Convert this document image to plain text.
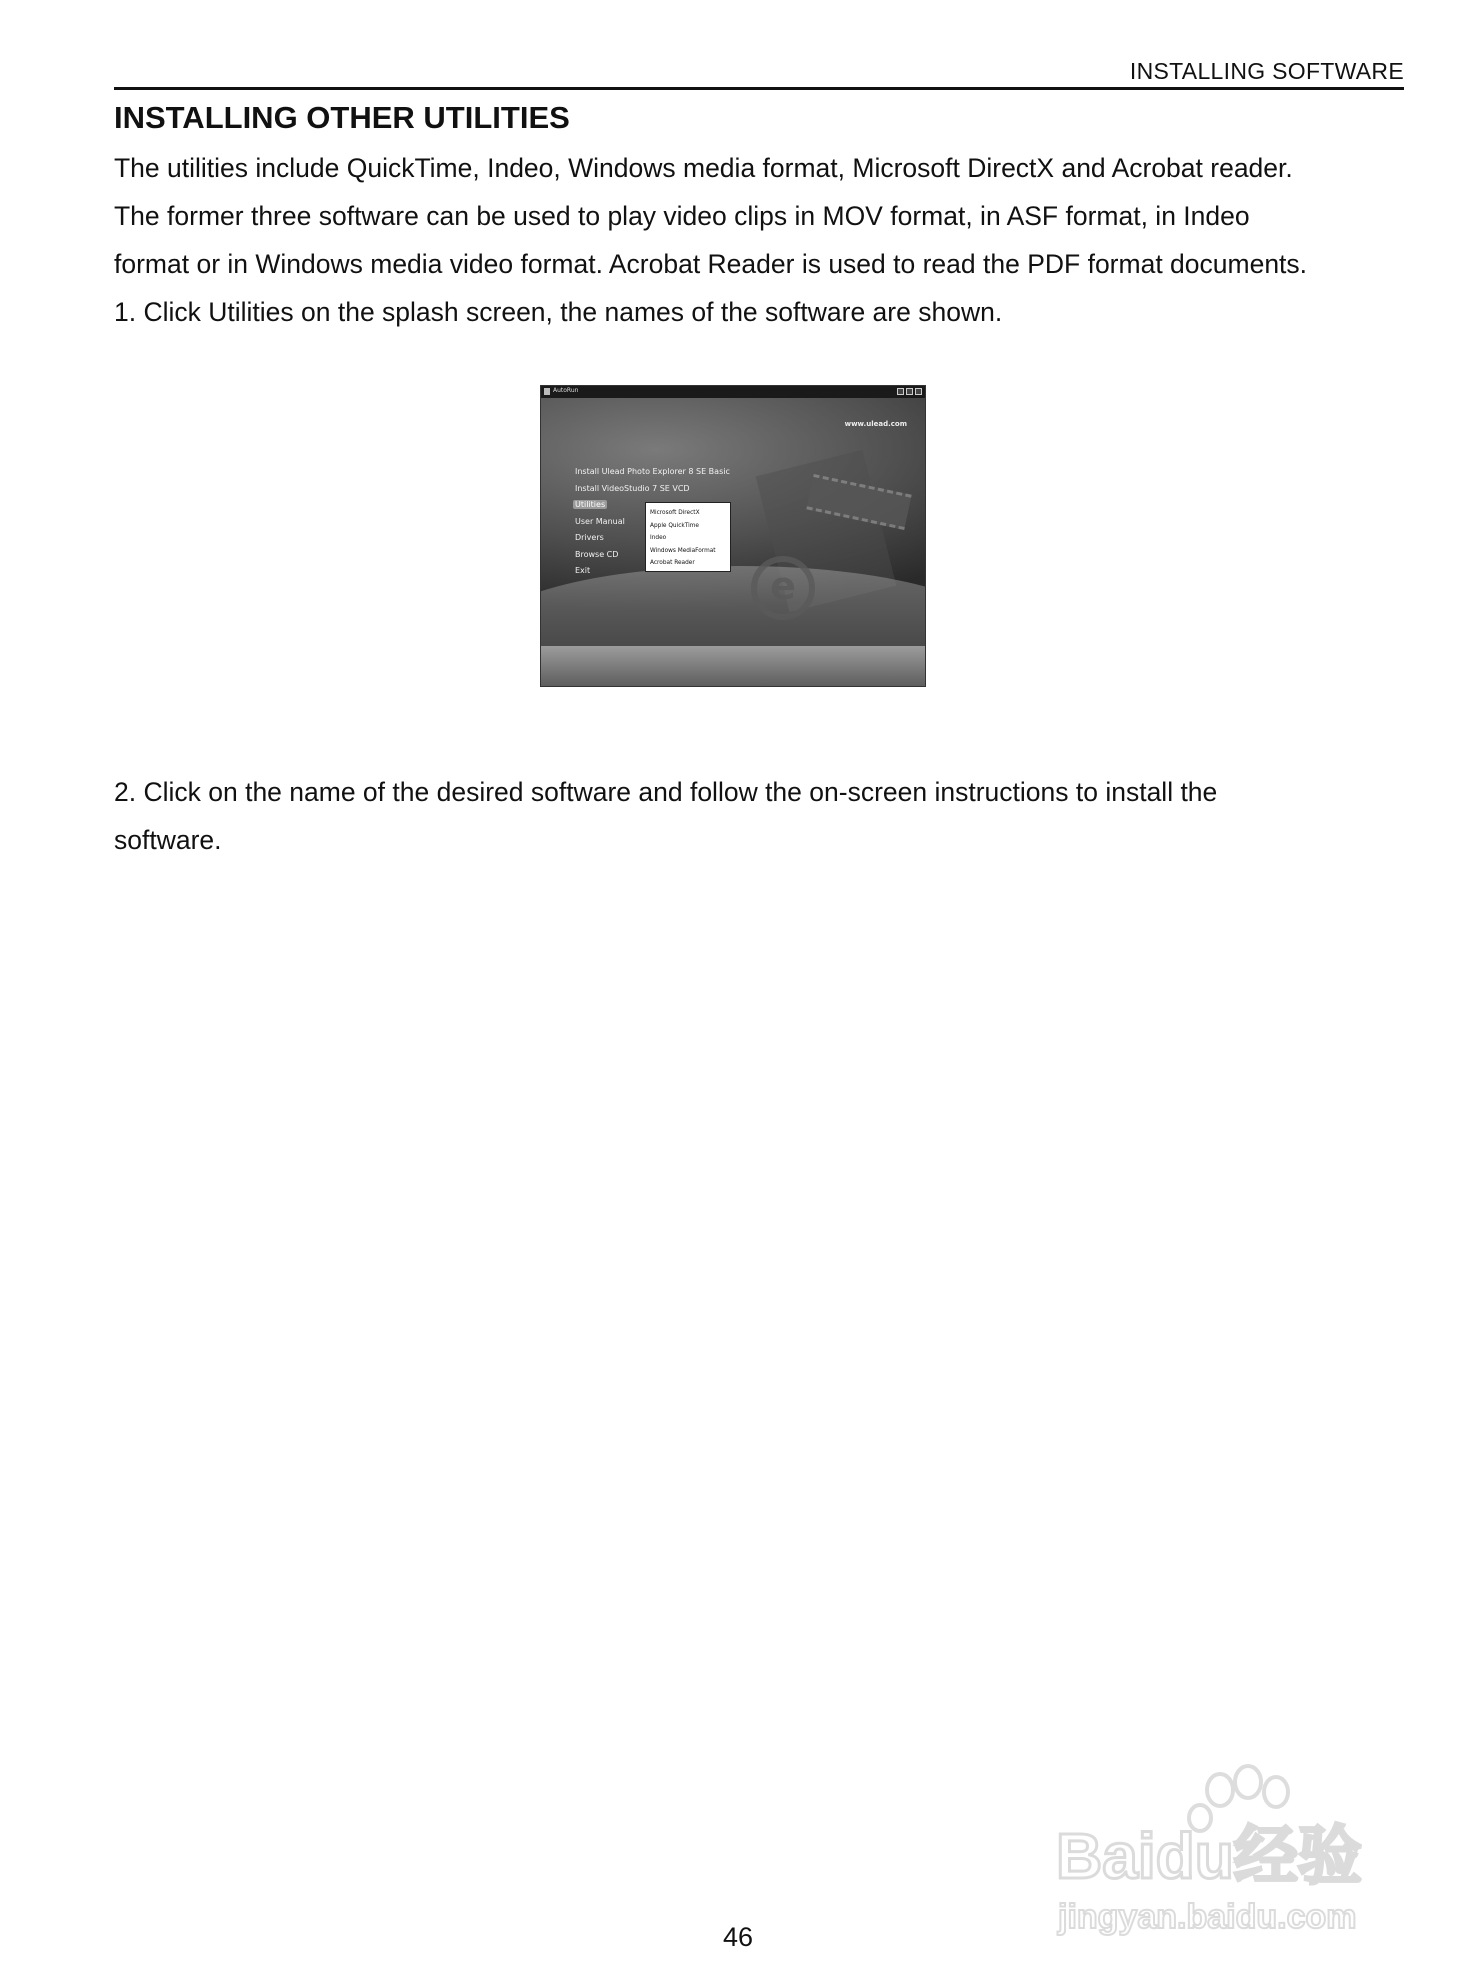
INSTALLING SOFTWARE
INSTALLING OTHER UTILITIES
The utilities include QuickTime, Indeo, Windows media format, Microsoft DirectX and Acrobat reader.
The former three software can be used to play video clips in MOV format, in ASF format, in Indeo
format or in Windows media video format. Acrobat Reader is used to read the PDF format documents.
1. Click Utilities on the splash screen, the names of the software are shown.
e
AutoRun
www.ulead.com
Install Ulead Photo Explorer 8 SE Basic
Install VideoStudio 7 SE VCD
Utilities
User Manual
Drivers
Browse CD
Exit
Microsoft DirectX
Apple QuickTime
Indeo
Windows MediaFormat
Acrobat Reader
2. Click on the name of the desired software and follow the on-screen instructions to install the
software.
46
Baidu经验
jingyan.baidu.com
